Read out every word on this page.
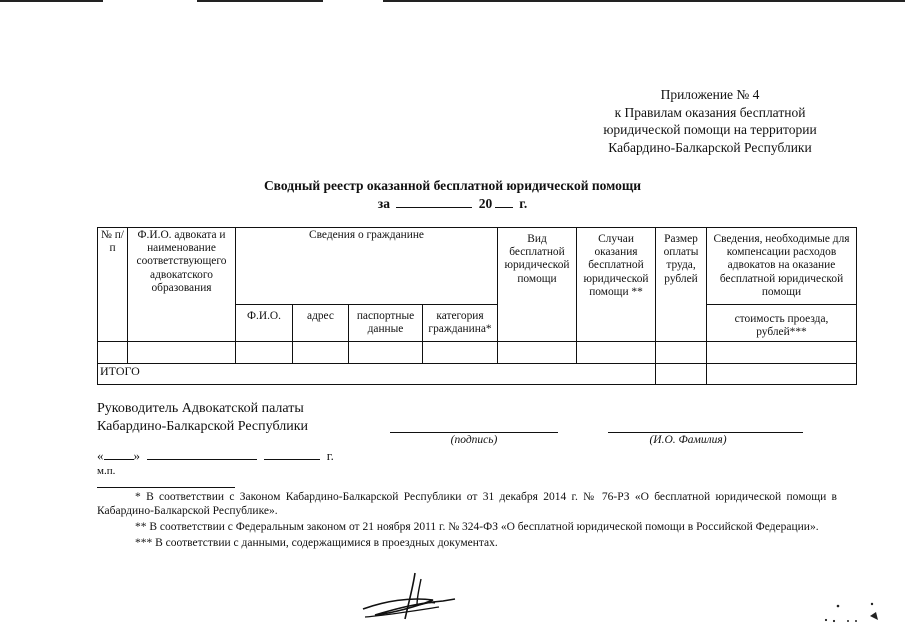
Приложение № 4
к Правилам оказания бесплатной
юридической помощи на территории
Кабардино-Балкарской Республики
Сводный реестр оказанной бесплатной юридической помощи
за	20 г.
№ п/п	Ф.И.О. адвоката и наименование соответствующего адвокатского образования	Сведения о гражданине				Вид бесплатной юридической помощи	Случаи оказания бесплатной юридической помощи **	Размер оплаты труда, рублей	Сведения, необходимые для компенсации расходов адвокатов на оказание бесплатной юридической помощи
		Ф.И.О.	адрес	паспортные данные	категория гражданина*				стоимость проезда, рублей***

ИТОГО									
Руководитель Адвокатской палаты
Кабардино-Балкарской Республики
(подпись)	(И.О. Фамилия)
« »	г.
м.п.

* В соответствии с Законом Кабардино-Балкарской Республики от 31 декабря 2014 г. № 76-РЗ «О бесплатной юридической помощи в Кабардино-Балкарской Республике».

** В соответствии с Федеральным законом от 21 ноября 2011 г. № 324-ФЗ «О бесплатной юридической помощи в Российской Федерации».

*** В соответствии с данными, содержащимися в проездных документах.
